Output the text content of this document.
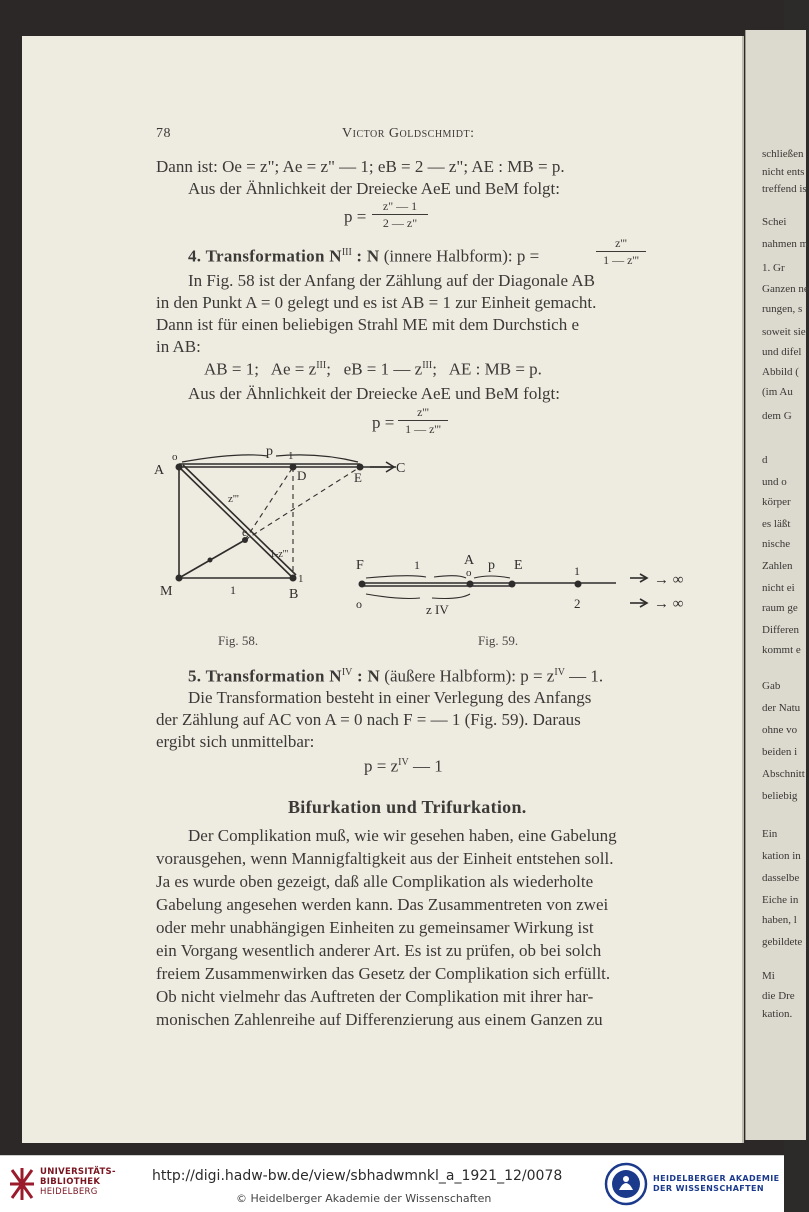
schließen
nicht ents
treffend is
Schei
nahmen m
1. Gr
Ganzen ne
rungen, s
soweit sie
und difel
Abbild (
(im Au
dem G
d
und o
körper
es läßt
nische
Zahlen
nicht ei
raum ge
Differen
kommt e
Gab
der Natu
ohne vo
beiden i
Abschnitt
beliebig
Ein
kation in
dasselbe
Eiche in
haben, l
gebildete
Mi
die Dre
kation.
78	Victor Goldschmidt:
Dann ist: Oe = z"; Ae = z" — 1; eB = 2 — z"; AE : MB = p.
Aus der Ähnlichkeit der Dreiecke AeE und BeM folgt:
p =
z" — 1
2 — z"
4. Transformation $N^{III}$ : N (innere Halbform): p =
z'''
1 — z'''
In Fig. 58 ist der Anfang der Zählung auf der Diagonale AB
in den Punkt A = 0 gelegt und es ist AB = 1 zur Einheit gemacht.
Dann ist für einen beliebigen Strahl ME mit dem Durchstich e
in AB:
AB = 1;   $Ae = z^{III}$;   eB = 1 — $z^{III}$;   AE : MB = p.
Aus der Ähnlichkeit der Dreiecke AeE und BeM folgt:
p =
z'''
1 — z'''
A
o	p 1
D	E
C
z'''
e
1-z'''
M	1	B
1
Fig. 58.
F	1	A
o p E	1
→ ∞
o	z IV	2	→ ∞
Fig. 59.
5. Transformation $N^{IV}$ : N (äußere Halbform): $p = z^{IV}$ — 1.
Die Transformation besteht in einer Verlegung des Anfangs
der Zählung auf AC von A = 0 nach F = — 1 (Fig. 59). Daraus
ergibt sich unmittelbar:
$p = z^{IV}$ — 1
Bifurkation und Trifurkation.
Der Complikation muß, wie wir gesehen haben, eine Gabelung
vorausgehen, wenn Mannigfaltigkeit aus der Einheit entstehen soll.
Ja es wurde oben gezeigt, daß alle Complikation als wiederholte
Gabelung angesehen werden kann. Das Zusammentreten von zwei
oder mehr unabhängigen Einheiten zu gemeinsamer Wirkung ist
ein Vorgang wesentlich anderer Art. Es ist zu prüfen, ob bei solch
freiem Zusammenwirken das Gesetz der Complikation sich erfüllt.
Ob nicht vielmehr das Auftreten der Complikation mit ihrer har-
monischen Zahlenreihe auf Differenzierung aus einem Ganzen zu
UNIVERSITÄTS-
BIBLIOTHEK
HEIDELBERG
http://digi.hadw-bw.de/view/sbhadwmnkl_a_1921_12/0078
© Heidelberger Akademie der Wissenschaften
HEIDELBERGER AKADEMIE
DER WISSENSCHAFTEN
